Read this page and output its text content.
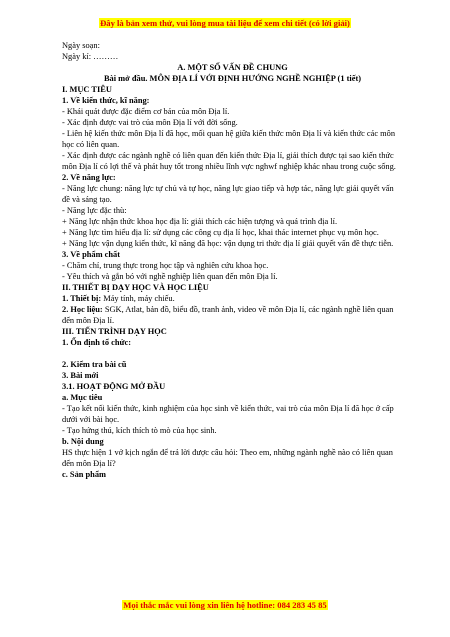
Đây là bản xem thử, vui lòng mua tài liệu để xem chi tiết (có lời giải)

Ngày soạn:

Ngày kí: ………

A. MỘT SỐ VẤN ĐỀ CHUNG

Bài mở đầu. MÔN ĐỊA LÍ VỚI ĐỊNH HƯỚNG NGHỀ NGHIỆP (1 tiết)

I. MỤC TIÊU

1. Về kiến thức, kĩ năng:

- Khái quát được đặc điểm cơ bản của môn Địa lí.

- Xác định được vai trò của môn Địa lí với đời sống.

- Liên hệ kiến thức môn Địa lí đã học, mối quan hệ giữa kiến thức môn Địa lí và kiến thức các môn học có liên quan.

- Xác định được các ngành nghề có liên quan đến kiến thức Địa lí, giải thích được tại sao kiến thức môn Địa lí có lợi thế và phát huy tốt trong nhiều lĩnh vực nghwf nghiệp khác nhau trong cuộc sống.

2. Về năng lực:

- Năng lực chung: năng lực tự chủ và tự học, năng lực giao tiếp và hợp tác, năng lực giải quyết vấn đề và sáng tạo.

- Năng lực đặc thù:

+ Năng lực nhận thức khoa học địa lí: giải thích các hiện tượng và quá trình địa lí.

+ Năng lực tìm hiểu địa lí: sử dụng các công cụ địa lí học, khai thác internet phục vụ môn học.

+ Năng lực vận dụng kiến thức, kĩ năng đã học: vận dụng tri thức địa lí giải quyết vấn đề thực tiễn.

3. Về phẩm chất

- Chăm chỉ, trung thực trong học tập và nghiên cứu khoa học.

- Yêu thích và gắn bó với nghề nghiệp liên quan đến môn Địa lí.

II. THIẾT BỊ DẠY HỌC VÀ HỌC LIỆU

1. Thiết bị: Máy tính, máy chiếu.

2. Học liệu: SGK, Atlat, bản đồ, biểu đồ, tranh ảnh, video về môn Địa lí, các ngành nghề liên quan đến môn Địa lí.

III. TIẾN TRÌNH DẠY HỌC

1. Ổn định tổ chức:

2. Kiểm tra bài cũ

3. Bài mới

3.1. HOẠT ĐỘNG MỞ ĐẦU

a. Mục tiêu

- Tạo kết nối kiến thức, kinh nghiệm của học sinh về kiến thức, vai trò của môn Địa lí đã học ở cấp dưới với bài học.

- Tạo hứng thú, kích thích tò mò của học sinh.

b. Nội dung

HS thực hiện 1 vở kịch ngắn để trả lời được câu hỏi: Theo em, những ngành nghề nào có liên quan đến môn Địa lí?

c. Sản phẩm

Mọi thắc mắc vui lòng xin liên hệ hotline: 084 283 45 85
